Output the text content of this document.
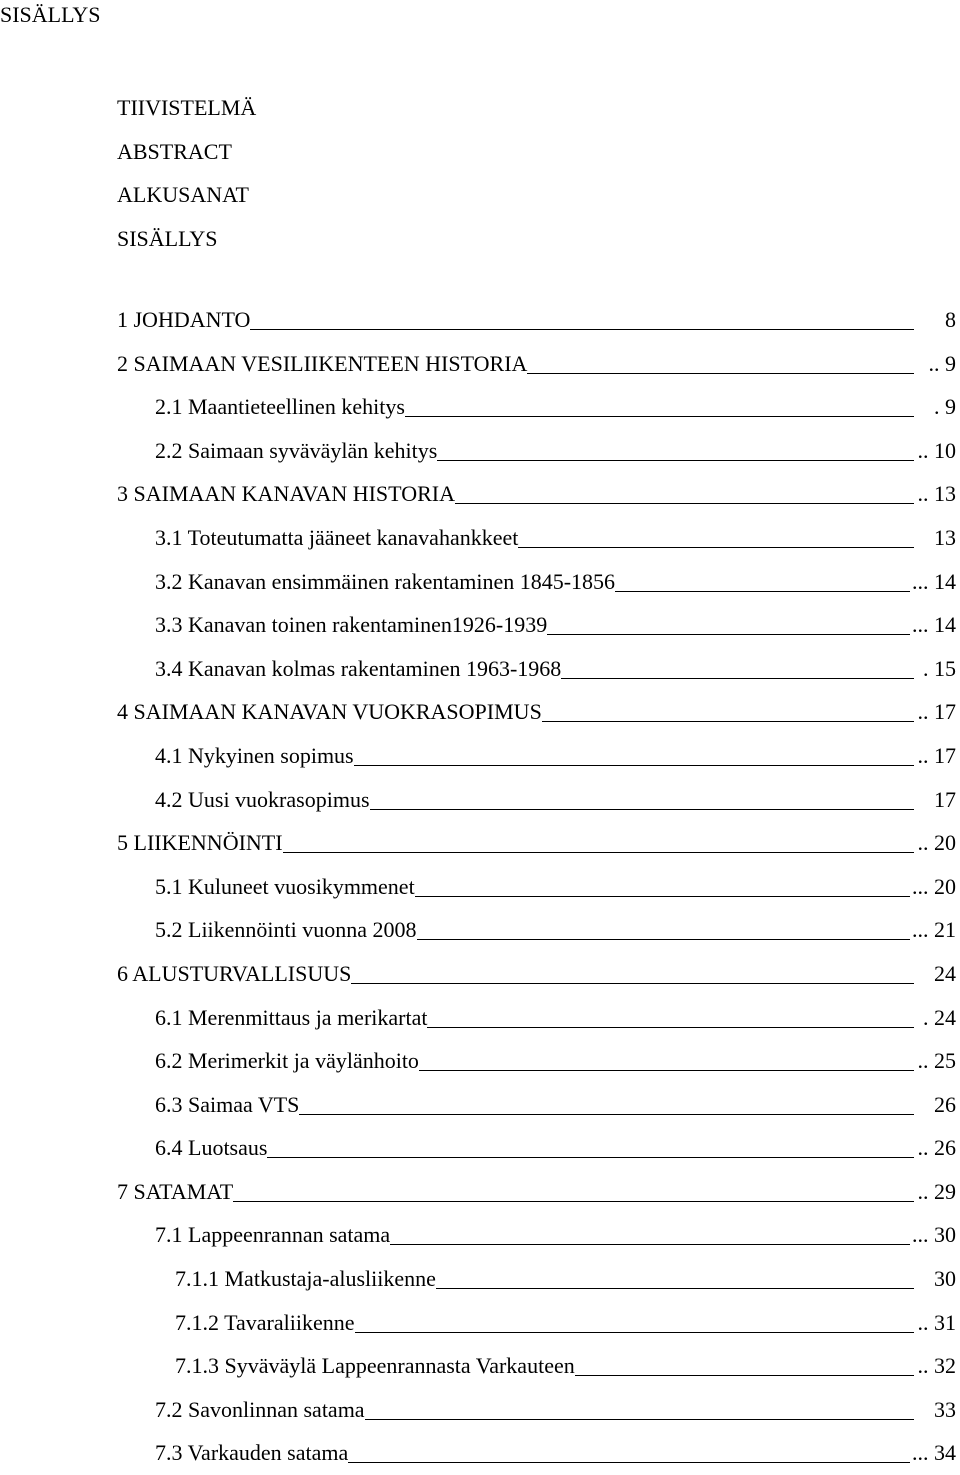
SISÄLLYS
TIIVISTELMÄ
ABSTRACT
ALKUSANAT
SISÄLLYS
1 JOHDANTO	8
2 SAIMAAN VESILIIKENTEEN HISTORIA	.. 9
2.1 Maantieteellinen kehitys	. 9
2.2 Saimaan syväväylän kehitys	.. 10
3 SAIMAAN KANAVAN HISTORIA	.. 13
3.1 Toteutumatta jääneet kanavahankkeet	13
3.2 Kanavan ensimmäinen rakentaminen 1845-1856	... 14
3.3 Kanavan toinen rakentaminen1926-1939	... 14
3.4 Kanavan kolmas rakentaminen 1963-1968	. 15
4 SAIMAAN KANAVAN VUOKRASOPIMUS	.. 17
4.1 Nykyinen sopimus	.. 17
4.2 Uusi vuokrasopimus	17
5 LIIKENNÖINTI	.. 20
5.1 Kuluneet vuosikymmenet	... 20
5.2 Liikennöinti vuonna 2008	... 21
6 ALUSTURVALLISUUS	24
6.1 Merenmittaus ja merikartat	. 24
6.2 Merimerkit ja väylänhoito	.. 25
6.3 Saimaa VTS	26
6.4 Luotsaus	.. 26
7 SATAMAT	.. 29
7.1 Lappeenrannan satama	... 30
7.1.1 Matkustaja-alusliikenne	30
7.1.2 Tavaraliikenne	.. 31
7.1.3 Syväväylä Lappeenrannasta Varkauteen	.. 32
7.2 Savonlinnan satama	33
7.3 Varkauden satama	... 34
